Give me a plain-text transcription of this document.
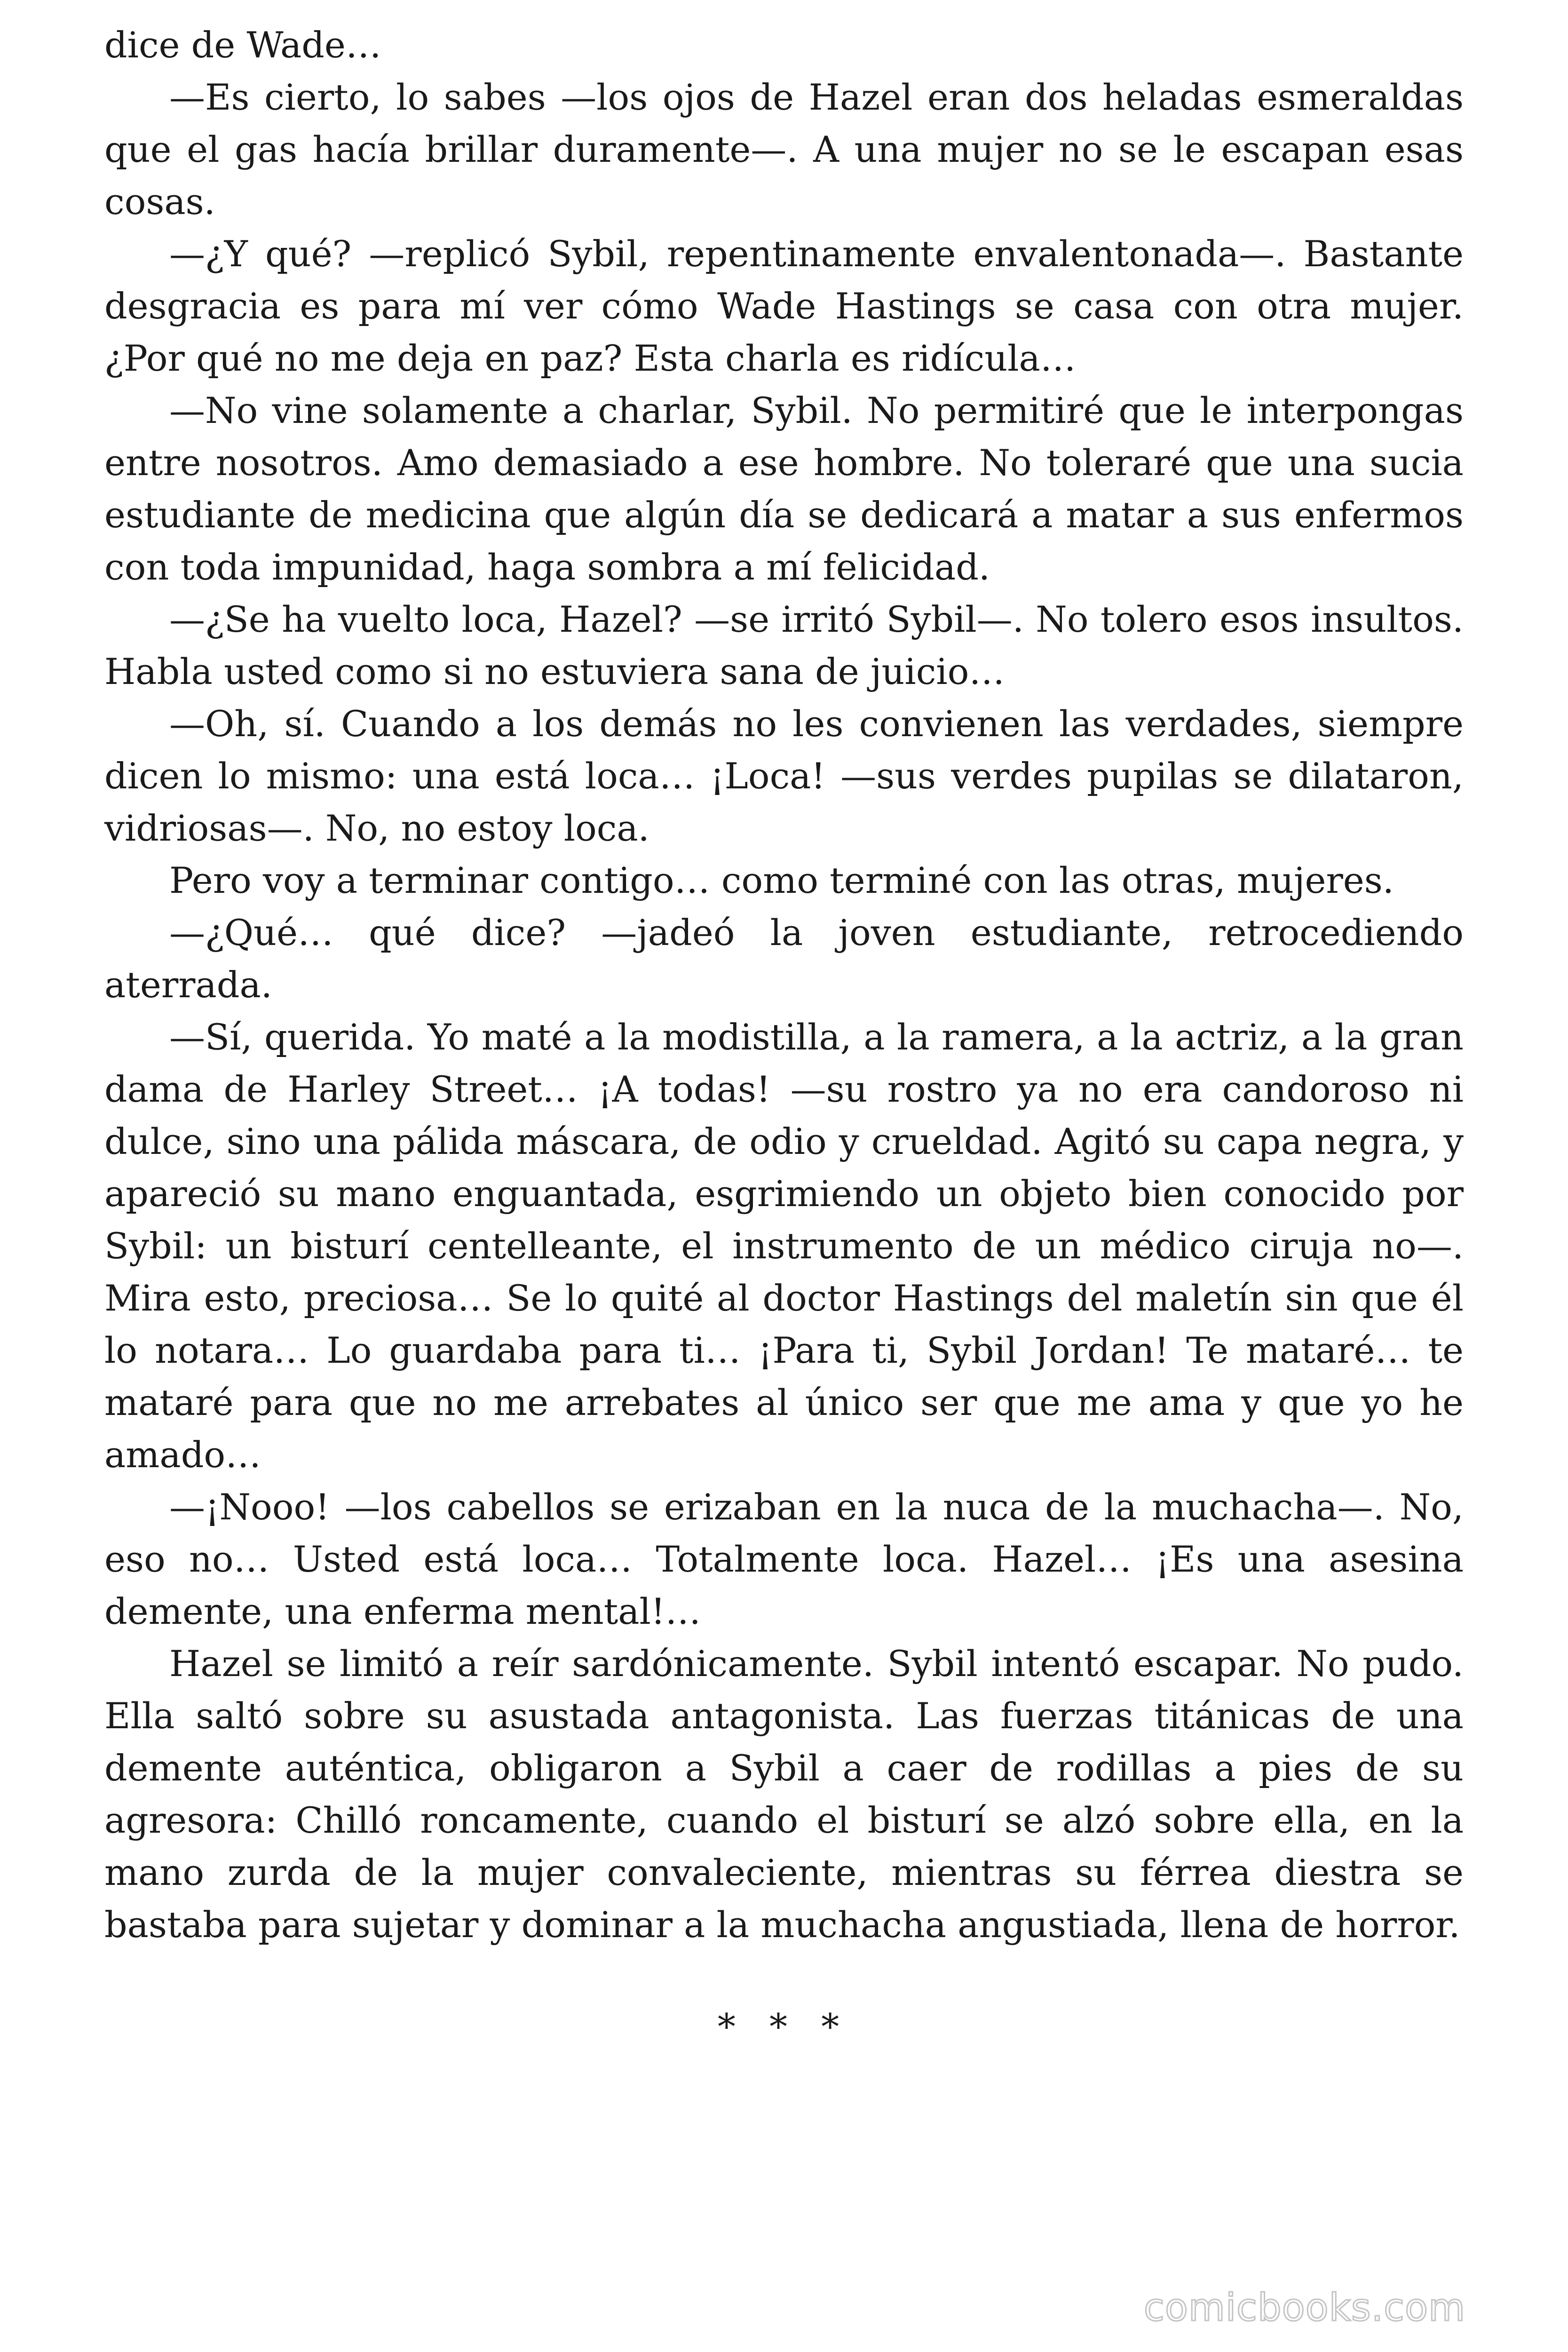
dice de Wade…

—Es cierto, lo sabes —los ojos de Hazel eran dos heladas esmeraldas que el gas hacía brillar duramente—. A una mujer no se le escapan esas cosas.

—¿Y qué? —replicó Sybil, repentinamente envalentonada—. Bastante desgracia es para mí ver cómo Wade Hastings se casa con otra mujer. ¿Por qué no me deja en paz? Esta charla es ridícula…

—No vine solamente a charlar, Sybil. No permitiré que le interpongas entre nosotros. Amo demasiado a ese hombre. No toleraré que una sucia estudiante de medicina que algún día se dedicará a matar a sus enfermos con toda impunidad, haga sombra a mí felicidad.

—¿Se ha vuelto loca, Hazel? —se irritó Sybil—. No tolero esos insultos. Habla usted como si no estuviera sana de juicio…

—Oh, sí. Cuando a los demás no les convienen las verdades, siempre dicen lo mismo: una está loca… ¡Loca! —sus verdes pupilas se dilataron, vidriosas—. No, no estoy loca.

Pero voy a terminar contigo… como terminé con las otras, mujeres.

—¿Qué… qué dice? —jadeó la joven estudiante, retrocediendo aterrada.

—Sí, querida. Yo maté a la modistilla, a la ramera, a la actriz, a la gran dama de Harley Street… ¡A todas! —su rostro ya no era candoroso ni dulce, sino una pálida máscara, de odio y crueldad. Agitó su capa negra, y apareció su mano enguantada, esgrimiendo un objeto bien conocido por Sybil: un bisturí centelleante, el instrumento de un médico ciruja no—. Mira esto, preciosa… Se lo quité al doctor Hastings del maletín sin que él lo notara… Lo guardaba para ti… ¡Para ti, Sybil Jordan! Te mataré… te mataré para que no me arrebates al único ser que me ama y que yo he amado…

—¡Nooo! —los cabellos se erizaban en la nuca de la muchacha—. No, eso no… Usted está loca… Totalmente loca. Hazel… ¡Es una asesina demente, una enferma mental!…

Hazel se limitó a reír sardónicamente. Sybil intentó escapar. No pudo. Ella saltó sobre su asustada antagonista. Las fuerzas titánicas de una demente auténtica, obligaron a Sybil a caer de rodillas a pies de su agresora: Chilló roncamente, cuando el bisturí se alzó sobre ella, en la mano zurda de la mujer convaleciente, mientras su férrea diestra se bastaba para sujetar y dominar a la muchacha angustiada, llena de horror.

* * *

comicbooks.com
